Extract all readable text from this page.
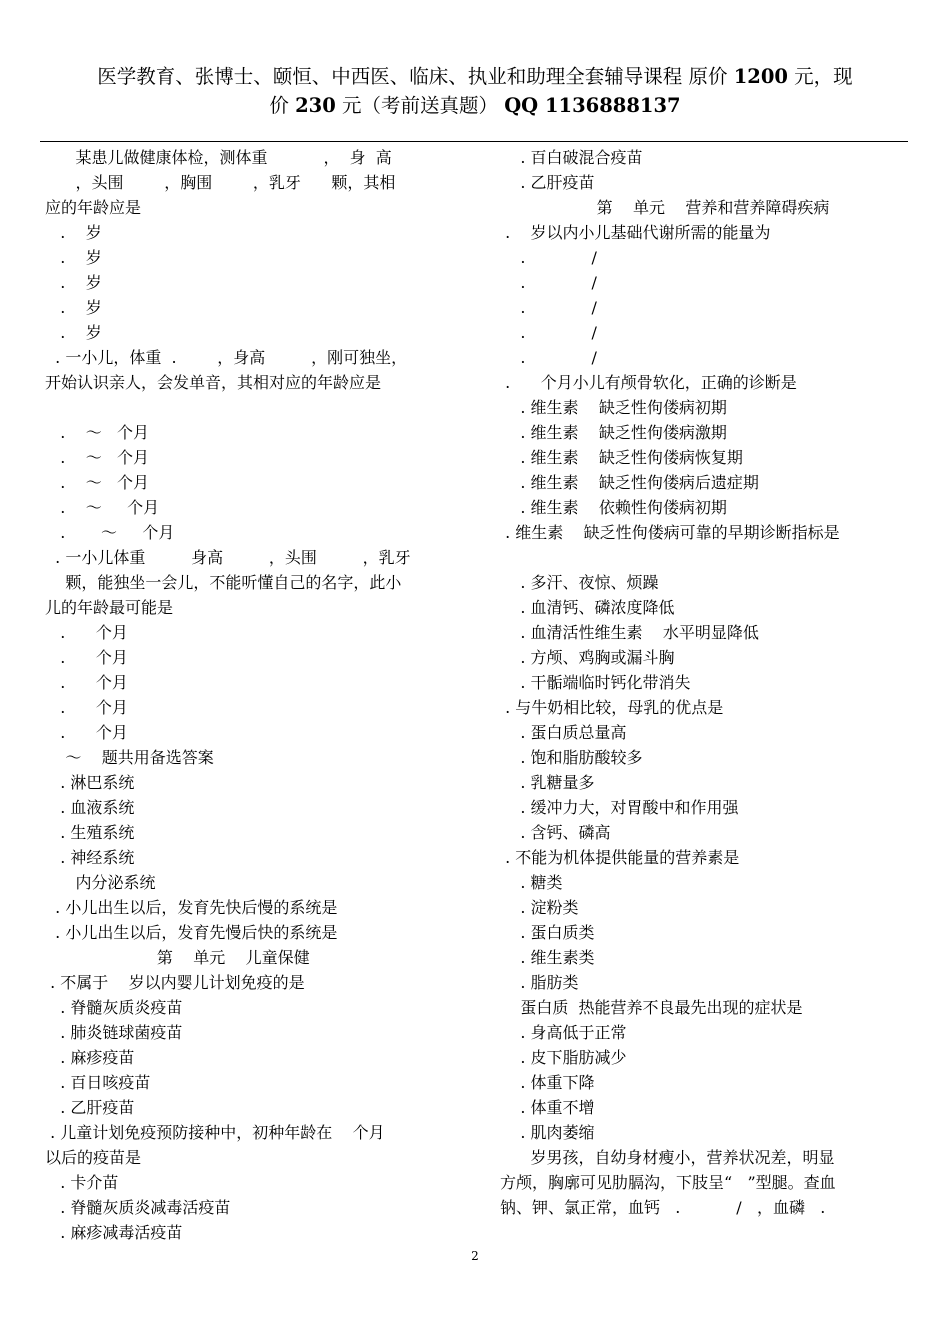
医学教育、张博士、颐恒、中西医、临床、执业和助理全套辅导课程 原价 1200 元，现
价 230 元（考前送真题） QQ 1136888137
某患儿做健康体检，测体重           ，  身  高
，头围        ，胸围        ，乳牙      颗，其相
应的年龄应是
.    岁
.    岁
.    岁
.    岁
.    岁
. 一小儿，体重  .        ，身高         ，刚可独坐，
开始认识亲人，会发单音，其相对应的年龄应是
.    ～   个月
.    ～   个月
.    ～   个月
.    ～     个月
.       ～     个月
. 一小儿体重         身高         ，头围         ，乳牙
颗，能独坐一会儿，不能听懂自己的名字，此小
儿的年龄最可能是
.      个月
.      个月
.      个月
.      个月
.      个月
～    题共用备选答案
. 淋巴系统
. 血液系统
. 生殖系统
. 神经系统
内分泌系统
. 小儿出生以后，发育先快后慢的系统是
. 小儿出生以后，发育先慢后快的系统是
第    单元    儿童保健
. 不属于    岁以内婴儿计划免疫的是
. 脊髓灰质炎疫苗
. 肺炎链球菌疫苗
. 麻疹疫苗
. 百日咳疫苗
. 乙肝疫苗
. 儿童计划免疫预防接种中，初种年龄在    个月
以后的疫苗是
. 卡介苗
. 脊髓灰质炎减毒活疫苗
. 麻疹减毒活疫苗
. 百白破混合疫苗
. 乙肝疫苗
第    单元    营养和营养障碍疾病
.    岁以内小儿基础代谢所需的能量为
.             /
.             /
.             /
.             /
.             /
.      个月小儿有颅骨软化，正确的诊断是
. 维生素    缺乏性佝偻病初期
. 维生素    缺乏性佝偻病激期
. 维生素    缺乏性佝偻病恢复期
. 维生素    缺乏性佝偻病后遗症期
. 维生素    依赖性佝偻病初期
. 维生素    缺乏性佝偻病可靠的早期诊断指标是
. 多汗、夜惊、烦躁
. 血清钙、磷浓度降低
. 血清活性维生素    水平明显降低
. 方颅、鸡胸或漏斗胸
. 干骺端临时钙化带消失
. 与牛奶相比较，母乳的优点是
. 蛋白质总量高
. 饱和脂肪酸较多
. 乳糖量多
. 缓冲力大，对胃酸中和作用强
. 含钙、磷高
. 不能为机体提供能量的营养素是
. 糖类
. 淀粉类
. 蛋白质类
. 维生素类
. 脂肪类
蛋白质  热能营养不良最先出现的症状是
. 身高低于正常
. 皮下脂肪减少
. 体重下降
. 体重不增
. 肌肉萎缩
岁男孩，自幼身材瘦小，营养状况差，明显
方颅，胸廓可见肋膈沟，下肢呈“   ”型腿。查血
钠、钾、氯正常，血钙   .           /   ，血磷   .
2
